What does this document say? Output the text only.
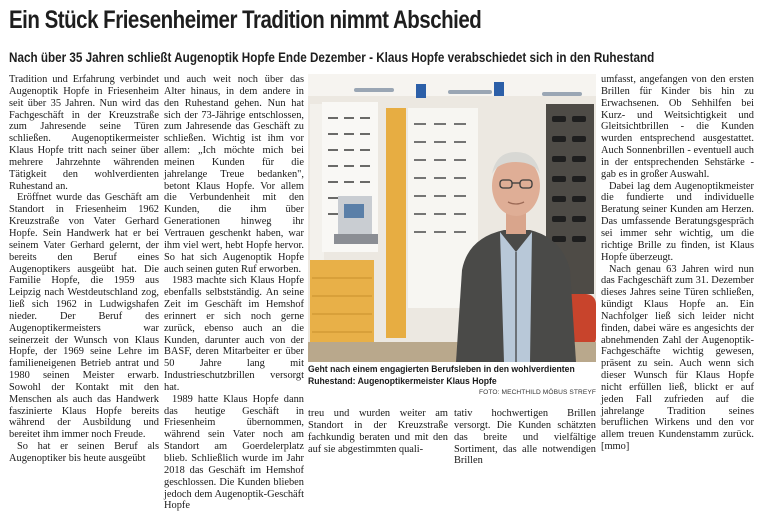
Ein Stück Friesenheimer Tradition nimmt Abschied
Nach über 35 Jahren schließt Augenoptik Hopfe Ende Dezember - Klaus Hopfe verabschiedet sich in den Ruhestand

Tradition und Erfahrung verbindet Augenoptik Hopfe in Friesenheim seit über 35 Jahren. Nun wird das Fachgeschäft in der Kreuzstraße zum Jahresende seine Türen schließen. Augenoptikermeister Klaus Hopfe tritt nach seiner über mehrere Jahrzehnte währenden Tätigkeit den wohlverdienten Ruhestand an.

Eröffnet wurde das Geschäft am Standort in Friesenheim 1962 Kreuzstraße von Vater Gerhard Hopfe. Sein Handwerk hat er bei seinem Vater Gerhard gelernt, der bereits den Beruf eines Augenoptikers ausgeübt hat. Die Familie Hopfe, die 1959 aus Leipzig nach Westdeutschland zog, ließ sich 1962 in Ludwigshafen nieder. Der Beruf des Augenoptikermeisters war seinerzeit der Wunsch von Klaus Hopfe, der 1969 seine Lehre im familieneigenen Betrieb antrat und 1980 seinen Meister erwarb. Sowohl der Kontakt mit den Menschen als auch das Handwerk faszinierte Klaus Hopfe bereits während der Ausbildung und bereitet ihm immer noch Freude.

So hat er seinen Beruf als Augenoptiker bis heute ausgeübt

und auch weit noch über das Alter hinaus, in dem andere in den Ruhestand gehen. Nun hat sich der 73-Jährige entschlossen, zum Jahresende das Geschäft zu schließen. Wichtig ist ihm vor allem: „Ich möchte mich bei meinen Kunden für die jahrelange Treue bedanken", betont Klaus Hopfe. Vor allem die Verbundenheit mit den Kunden, die ihm über Generationen hinweg ihr Vertrauen geschenkt haben, war ihm viel wert, hebt Hopfe hervor. So hat sich Augenoptik Hopfe auch seinen guten Ruf erworben.

1983 machte sich Klaus Hopfe ebenfalls selbstständig. An seine Zeit im Geschäft im Hemshof erinnert er sich noch gerne zurück, ebenso auch an die Kunden, darunter auch von der BASF, deren Mitarbeiter er über 50 Jahre lang mit Industrieschutzbrillen versorgt hat.

1989 hatte Klaus Hopfe dann das heutige Geschäft in Friesenheim übernommen, während sein Vater noch am Standort am Goerdelerplatz blieb. Schließlich wurde im Jahr 2018 das Geschäft im Hemshof geschlossen. Die Kunden blieben jedoch dem Augenoptik-Geschäft Hopfe

Geht nach einem engagierten Berufsleben in den wohlverdienten Ruhestand: Augenoptikermeister Klaus Hopfe
FOTO: MECHTHILD MÖBUS STREYF

treu und wurden weiter am Standort in der Kreuzstraße fachkundig beraten und mit den auf sie abgestimmten quali-

tativ hochwertigen Brillen versorgt. Die Kunden schätzten das breite und vielfältige Sortiment, das alle notwendigen Brillen

umfasst, angefangen von den ersten Brillen für Kinder bis hin zu Erwachsenen. Ob Sehhilfen bei Kurz- und Weitsichtigkeit und Gleitsichtbrillen - die Kunden wurden entsprechend ausgestattet. Auch Sonnenbrillen - eventuell auch in der entsprechenden Sehstärke - gab es in großer Auswahl.

Dabei lag dem Augenoptikmeister die fundierte und individuelle Beratung seiner Kunden am Herzen. Das umfassende Beratungsgespräch sei immer sehr wichtig, um die richtige Brille zu finden, ist Klaus Hopfe überzeugt.

Nach genau 63 Jahren wird nun das Fachgeschäft zum 31. Dezember dieses Jahres seine Türen schließen, kündigt Klaus Hopfe an. Ein Nachfolger ließ sich leider nicht finden, dabei wäre es angesichts der abnehmenden Zahl der Augenoptik-Fachgeschäfte wichtig gewesen, präsent zu sein. Auch wenn sich dieser Wunsch für Klaus Hopfe nicht erfüllen ließ, blickt er auf jeden Fall zufrieden auf die jahrelange Tradition seines beruflichen Wirkens und den vor allem treuen Kundenstamm zurück. [mmo]
